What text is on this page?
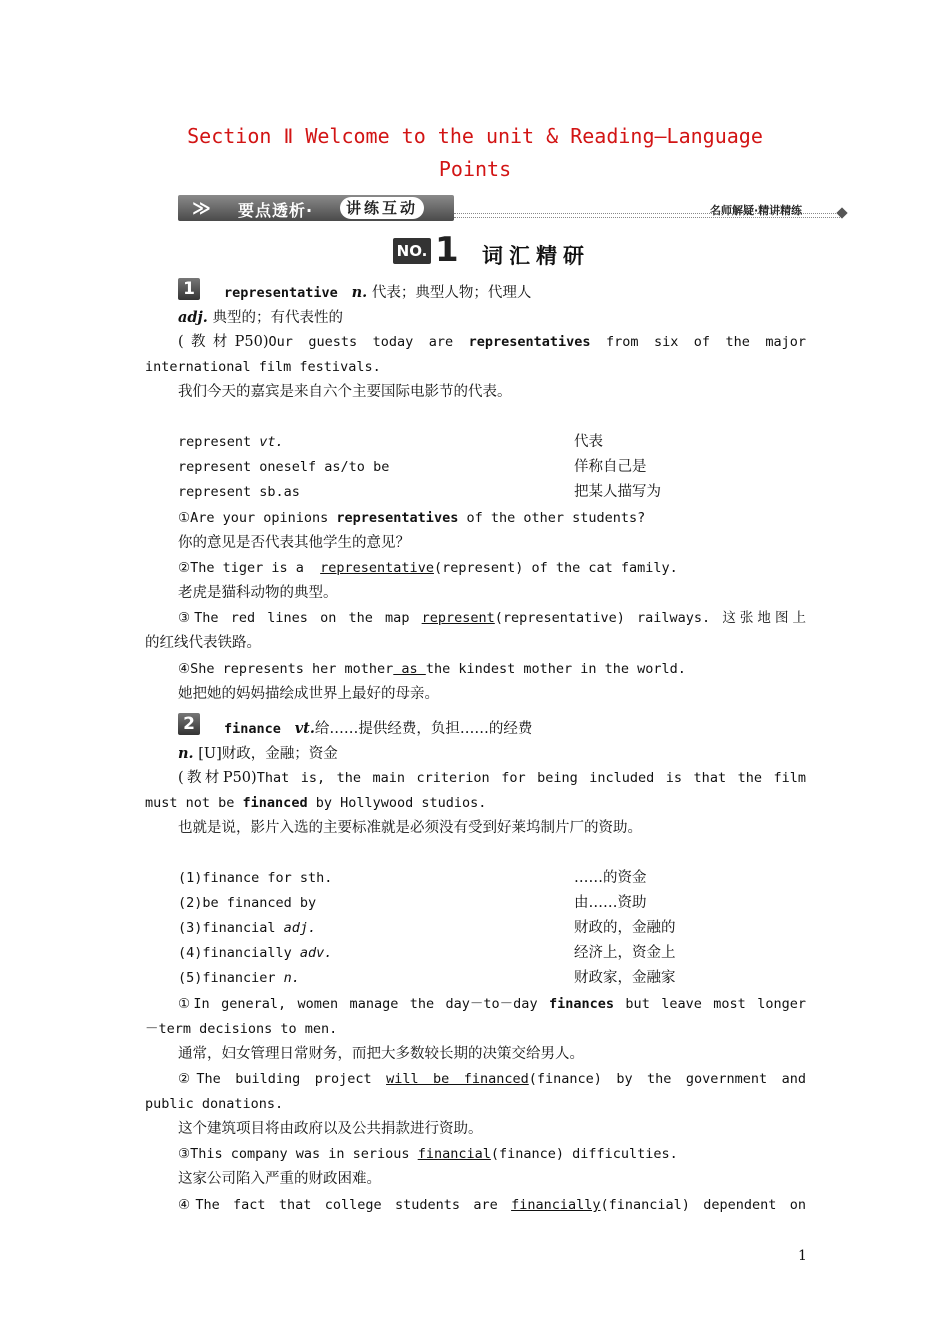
Section Ⅱ Welcome to the unit & Reading—Language
Points
≫ 要点透析·	讲练互动	名师解疑·精讲精练
NO. 1 词汇精研
1	representative n. 代表；典型人物；代理人
adj. 典型的；有代表性的
(教材P50)Our guests today are representatives from six of the major
international film festivals.
我们今天的嘉宾是来自六个主要国际电影节的代表。
represent vt.	代表
represent oneself as/to be	佯称自己是
represent sb.as	把某人描写为
①Are your opinions representatives of the other students?
你的意见是否代表其他学生的意见？
②The tiger is a  representative(represent) of the cat family.
老虎是猫科动物的典型。
③The red lines on the map represent(representative) railways. 这张地图上
的红线代表铁路。
④She represents her mother as the kindest mother in the world.
她把她的妈妈描绘成世界上最好的母亲。
2	finance vt.给……提供经费，负担……的经费
n. [U]财政，金融；资金
(教材P50)That is, the main criterion for being included is that the film
must not be financed by Hollywood studios.
也就是说，影片入选的主要标准就是必须没有受到好莱坞制片厂的资助。
(1)finance for sth.	……的资金
(2)be financed by	由……资助
(3)financial adj.	财政的，金融的
(4)financially adv.	经济上，资金上
(5)financier n.	财政家，金融家
①In general, women manage the day－to－day finances but leave most longer
－term decisions to men.
通常，妇女管理日常财务，而把大多数较长期的决策交给男人。
②The building project will be financed(finance) by the government and
public donations.
这个建筑项目将由政府以及公共捐款进行资助。
③This company was in serious financial(finance) difficulties.
这家公司陷入严重的财政困难。
④The fact that college students are financially(financial) dependent on
1
